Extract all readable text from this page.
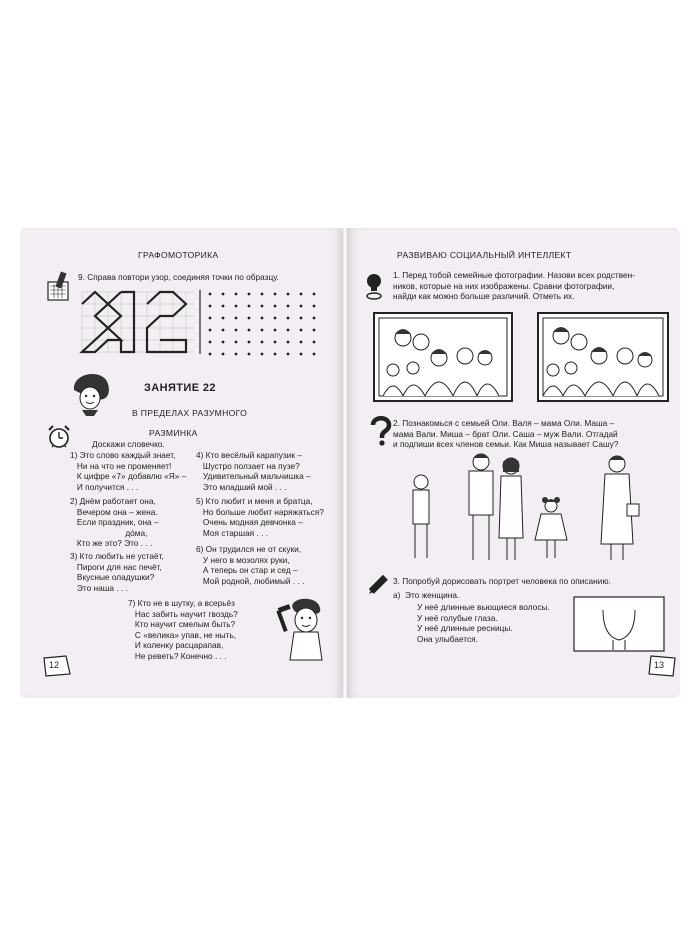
ГРАФОМОТОРИКА
9. Справа повтори узор, соединяя точки по образцу.
ЗАНЯТИЕ 22
В ПРЕДЕЛАХ РАЗУМНОГО
РАЗМИНКА
Доскажи словечко.
1) Это слово каждый знает,
Ни на что не променяет!
К цифре «7» добавлю «Я» –
И получится . . .
2) Днём работает она,
Вечером она – жена.
Если праздник, она –
дóма,
Кто же это? Это . . .
3) Кто любить не устаёт,
Пироги для нас печёт,
Вкусные оладушки?
Это наша . . .
4) Кто весёлый карапузик –
Шустро ползает на пузе?
Удивительный мальчишка –
Это младший мой . . .
5) Кто любит и меня и братца,
Но больше любит наряжаться?
Очень модная девчонка –
Моя старшая . . .
6) Он трудился не от скуки,
У него в мозолях руки,
А теперь он стар и сед –
Мой родной, любимый . . .
7) Кто не в шутку, а всерьёз
Нас забить научит гвоздь?
Кто научит смелым быть?
С «велика» упав, не ныть,
И коленку расцарапав,
Не реветь? Конечно . . .
12
РАЗВИВАЮ СОЦИАЛЬНЫЙ ИНТЕЛЛЕКТ
1. Перед тобой семейные фотографии. Назови всех родствен-
ников, которые на них изображены. Сравни фотографии,
найди как можно больше различий. Отметь их.
2. Познакомься с семьей Оли. Валя – мама Оли. Маша –
мама Вали. Миша – брат Оли. Саша – муж Вали. Отгадай
и подпиши всех членов семьи. Как Миша называет Сашу?
3. Попробуй дорисовать портрет человека по описанию.
а)  Это женщина.
У неё длинные вьющиеся волосы.
У неё голубые глаза.
У неё длинные ресницы.
Она улыбается.
13
